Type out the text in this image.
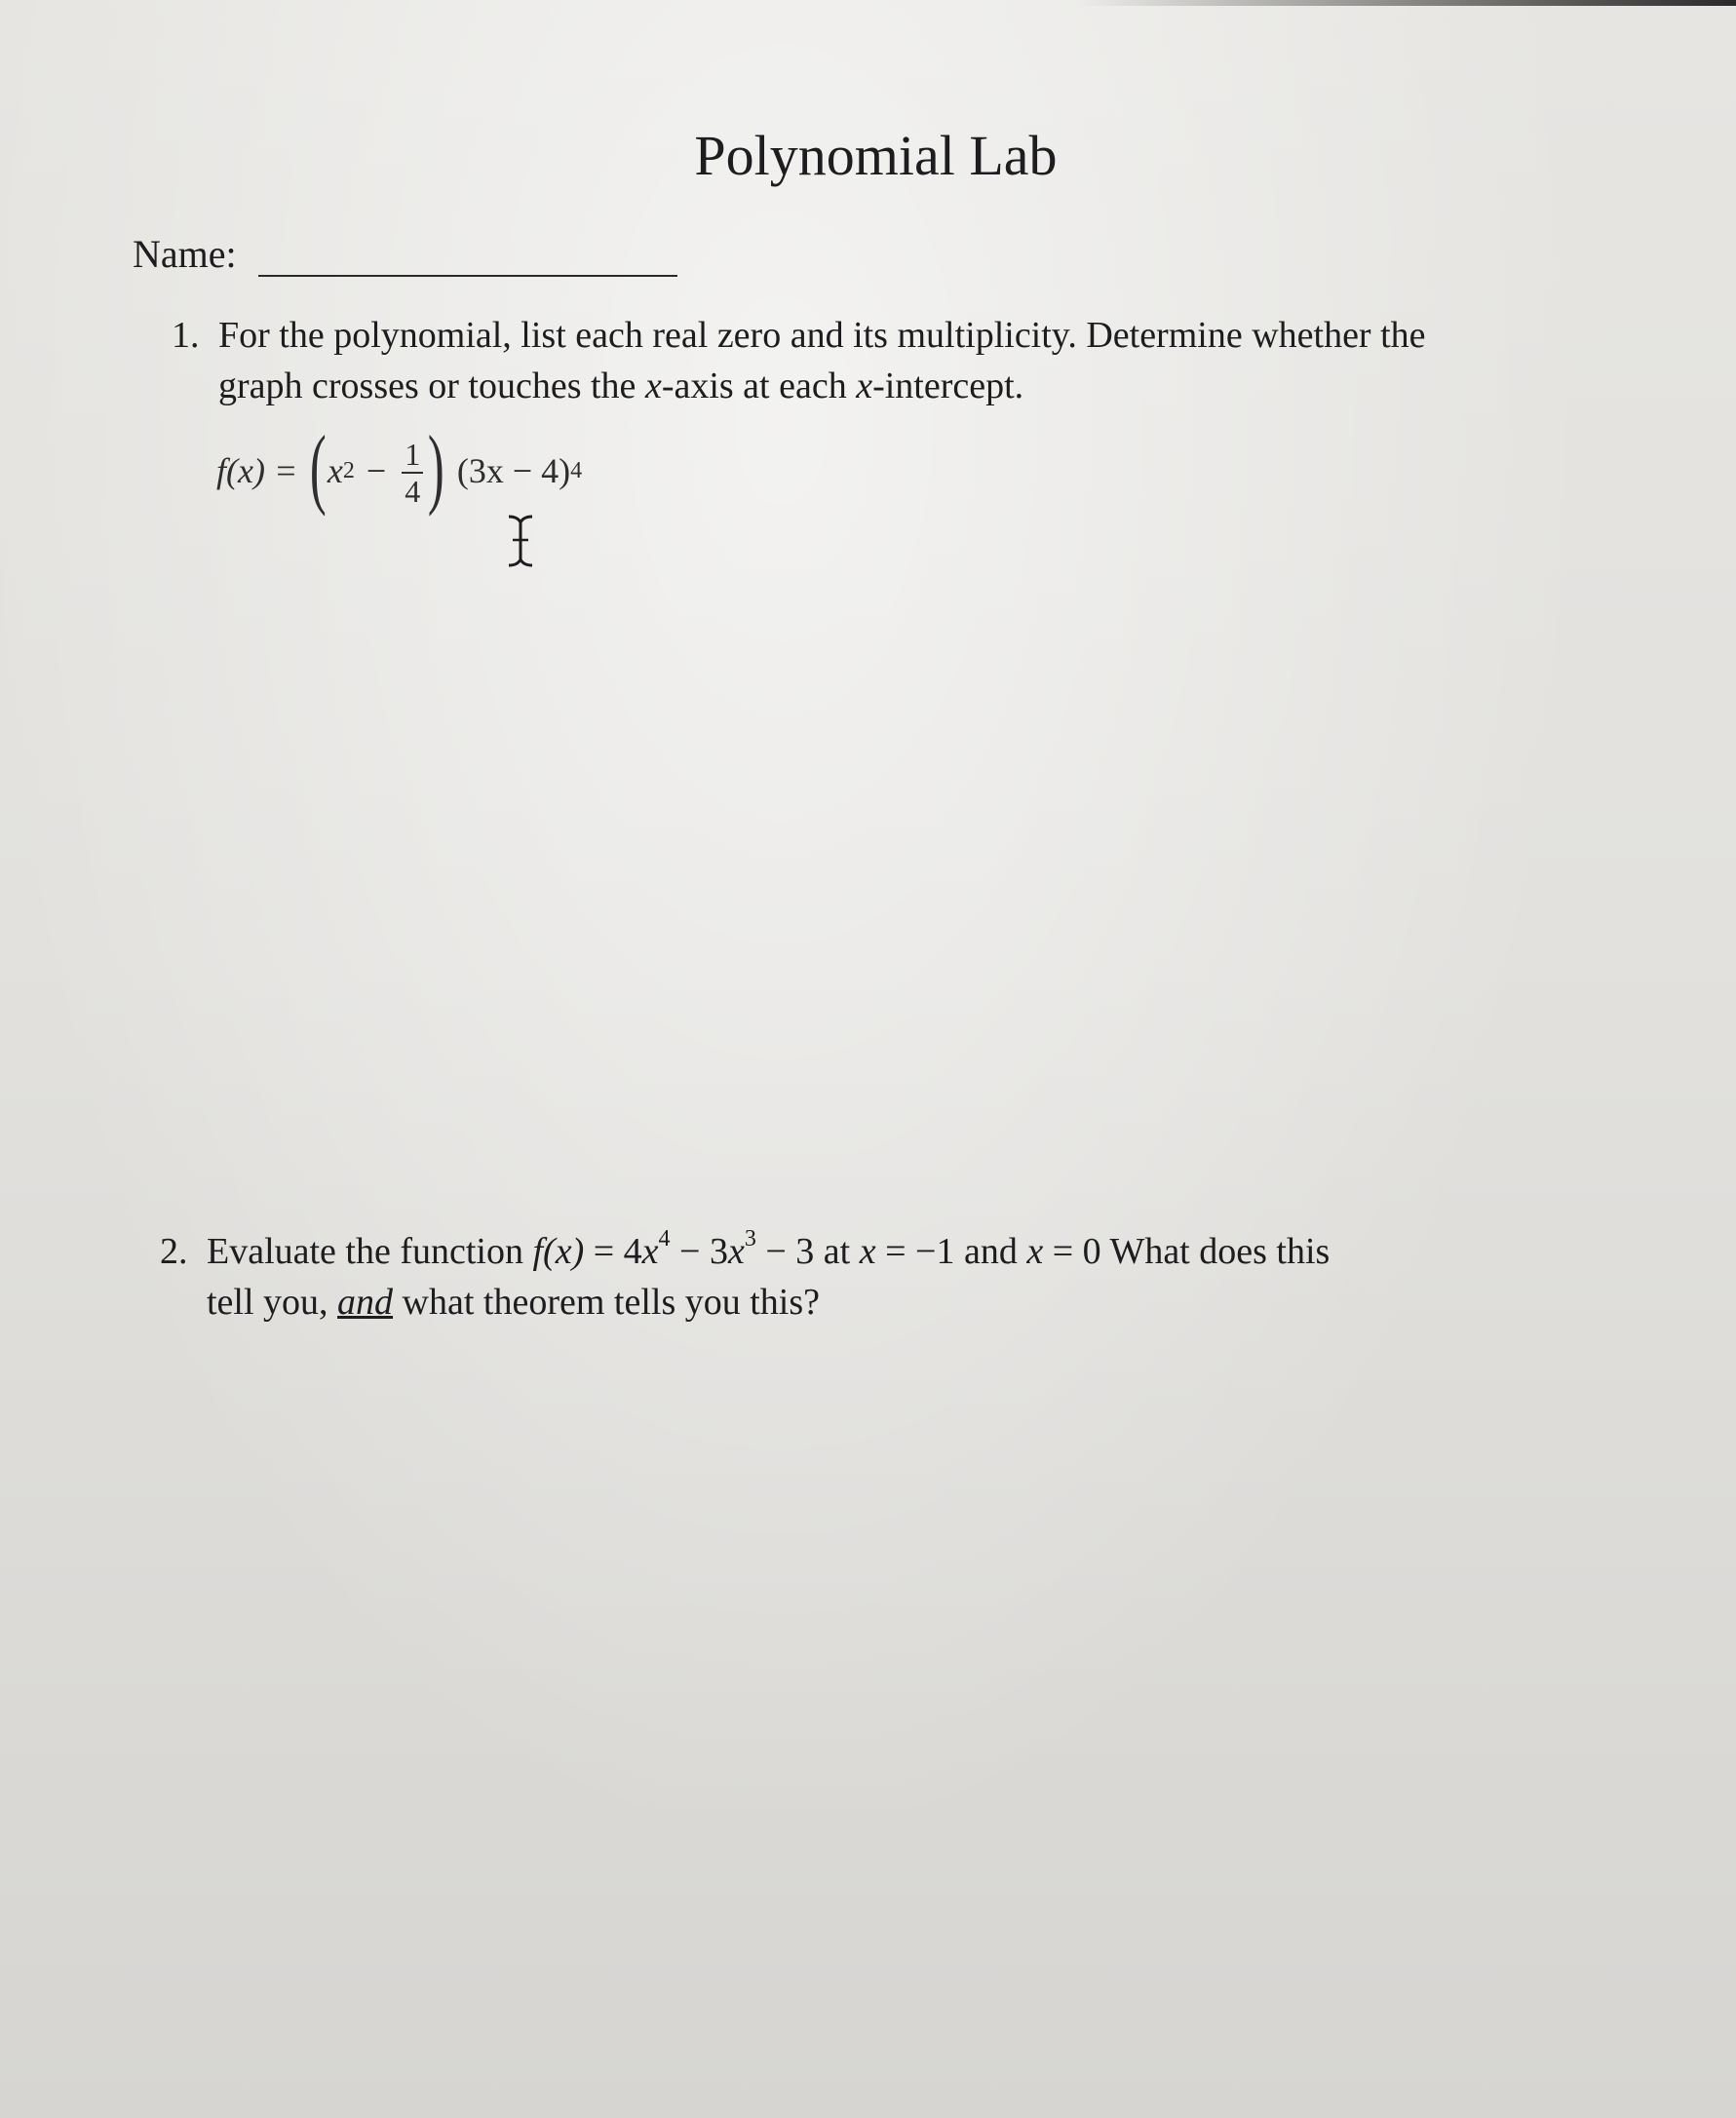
Polynomial Lab
Name:
1. For the polynomial, list each real zero and its multiplicity. Determine whether the
graph crosses or touches the x-axis at each x-intercept.
f(x) = ( x $2 - \frac{1}{4}$ ) (3x − 4) 4
2. Evaluate the function $f(x) = 4x^4 - 3x^3 - 3$ at x = −1 and x = 0 What does this
tell you, and what theorem tells you this?
